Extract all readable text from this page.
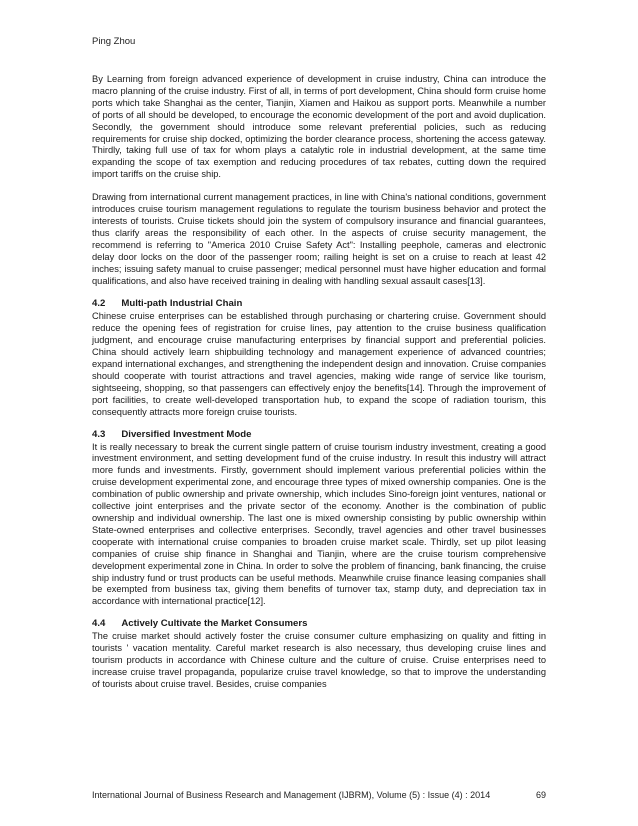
Ping Zhou

By Learning from foreign advanced experience of development in cruise industry, China can introduce the macro planning of the cruise industry. First of all, in terms of port development, China should form cruise home ports which take Shanghai as the center, Tianjin, Xiamen and Haikou as support ports. Meanwhile a number of ports of all should be developed, to encourage the economic development of the port and avoid duplication. Secondly, the government should introduce some relevant preferential policies, such as reducing requirements for cruise ship docked, optimizing the border clearance process, shortening the access gateway. Thirdly, taking full use of tax for whom plays a catalytic role in industrial development, at the same time expanding the scope of tax exemption and reducing procedures of tax rebates, cutting down the required import tariffs on the cruise ship.

Drawing from international current management practices, in line with China's national conditions, government introduces cruise tourism management regulations to regulate the tourism business behavior and protect the interests of tourists. Cruise tickets should join the system of compulsory insurance and financial guarantees, thus clarify areas the responsibility of each other. In the aspects of cruise security management, the recommend is referring to "America 2010 Cruise Safety Act": Installing peephole, cameras and electronic delay door locks on the door of the passenger room; railing height is set on a cruise to reach at least 42 inches; issuing safety manual to cruise passenger; medical personnel must have higher education and formal qualifications, and also have received training in dealing with handling sexual assault cases[13].

4.2 Multi-path Industrial Chain

Chinese cruise enterprises can be established through purchasing or chartering cruise. Government should reduce the opening fees of registration for cruise lines, pay attention to the cruise business qualification judgment, and encourage cruise manufacturing enterprises by financial support and preferential policies. China should actively learn shipbuilding technology and management experience of advanced countries; expand international exchanges, and strengthening the independent design and innovation. Cruise companies should cooperate with tourist attractions and travel agencies, making wide range of service like tourism, sightseeing, shopping, so that passengers can effectively enjoy the benefits[14]. Through the improvement of port facilities, to create well-developed transportation hub, to expand the scope of radiation tourism, this consequently attracts more foreign cruise tourists.

4.3 Diversified Investment Mode

It is really necessary to break the current single pattern of cruise tourism industry investment, creating a good investment environment, and setting development fund of the cruise industry. In result this industry will attract more funds and investments. Firstly, government should implement various preferential policies within the cruise development experimental zone, and encourage three types of mixed ownership companies. One is the combination of public ownership and private ownership, which includes Sino-foreign joint ventures, national or collective joint enterprises and the private sector of the economy. Another is the combination of public ownership and individual ownership. The last one is mixed ownership consisting by public ownership within State-owned enterprises and collective enterprises. Secondly, travel agencies and other travel businesses cooperate with international cruise companies to broaden cruise market scale. Thirdly, set up pilot leasing companies of cruise ship finance in Shanghai and Tianjin, where are the cruise tourism comprehensive development experimental zone in China. In order to solve the problem of financing, bank financing, the cruise ship industry fund or trust products can be useful methods. Meanwhile cruise finance leasing companies shall be exempted from business tax, giving them benefits of turnover tax, stamp duty, and depreciation tax in accordance with international practice[12].

4.4 Actively Cultivate the Market Consumers

The cruise market should actively foster the cruise consumer culture emphasizing on quality and fitting in tourists ' vacation mentality. Careful market research is also necessary, thus developing cruise lines and tourism products in accordance with Chinese culture and the culture of cruise. Cruise enterprises need to increase cruise travel propaganda, popularize cruise travel knowledge, so that to improve the understanding of tourists about cruise travel. Besides, cruise companies

International Journal of Business Research and Management (IJBRM), Volume (5) : Issue (4) : 2014	69
